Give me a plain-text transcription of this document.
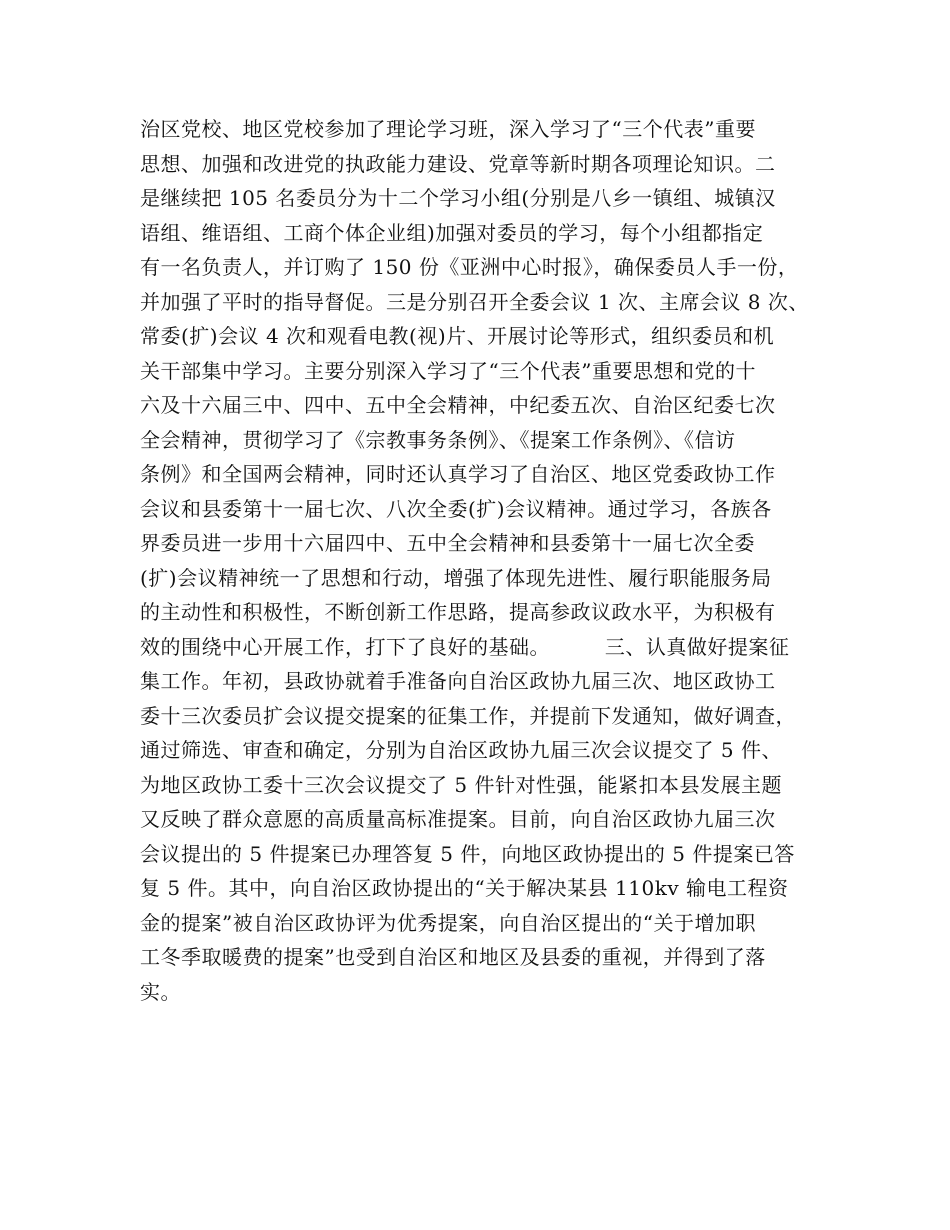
治区党校、地区党校参加了理论学习班，深入学习了“三个代表”重要
思想、加强和改进党的执政能力建设、党章等新时期各项理论知识。二
是继续把 105 名委员分为十二个学习小组(分别是八乡一镇组、城镇汉
语组、维语组、工商个体企业组)加强对委员的学习，每个小组都指定
有一名负责人，并订购了 150 份《亚洲中心时报》，确保委员人手一份，
并加强了平时的指导督促。三是分别召开全委会议 1 次、主席会议 8 次、
常委(扩)会议 4 次和观看电教(视)片、开展讨论等形式，组织委员和机
关干部集中学习。主要分别深入学习了“三个代表”重要思想和党的十
六及十六届三中、四中、五中全会精神，中纪委五次、自治区纪委七次
全会精神，贯彻学习了《宗教事务条例》、《提案工作条例》、《信访
条例》和全国两会精神，同时还认真学习了自治区、地区党委政协工作
会议和县委第十一届七次、八次全委(扩)会议精神。通过学习，各族各
界委员进一步用十六届四中、五中全会精神和县委第十一届七次全委
(扩)会议精神统一了思想和行动，增强了体现先进性、履行职能服务局
的主动性和积极性，不断创新工作思路，提高参政议政水平，为积极有
效的围绕中心开展工作，打下了良好的基础。        三、认真做好提案征
集工作。年初，县政协就着手准备向自治区政协九届三次、地区政协工
委十三次委员扩会议提交提案的征集工作，并提前下发通知，做好调查，
通过筛选、审查和确定，分别为自治区政协九届三次会议提交了 5 件、
为地区政协工委十三次会议提交了 5 件针对性强，能紧扣本县发展主题
又反映了群众意愿的高质量高标准提案。目前，向自治区政协九届三次
会议提出的 5 件提案已办理答复 5 件，向地区政协提出的 5 件提案已答
复 5 件。其中，向自治区政协提出的“关于解决某县 110kv 输电工程资
金的提案”被自治区政协评为优秀提案，向自治区提出的“关于增加职
工冬季取暖费的提案”也受到自治区和地区及县委的重视，并得到了落
实。
